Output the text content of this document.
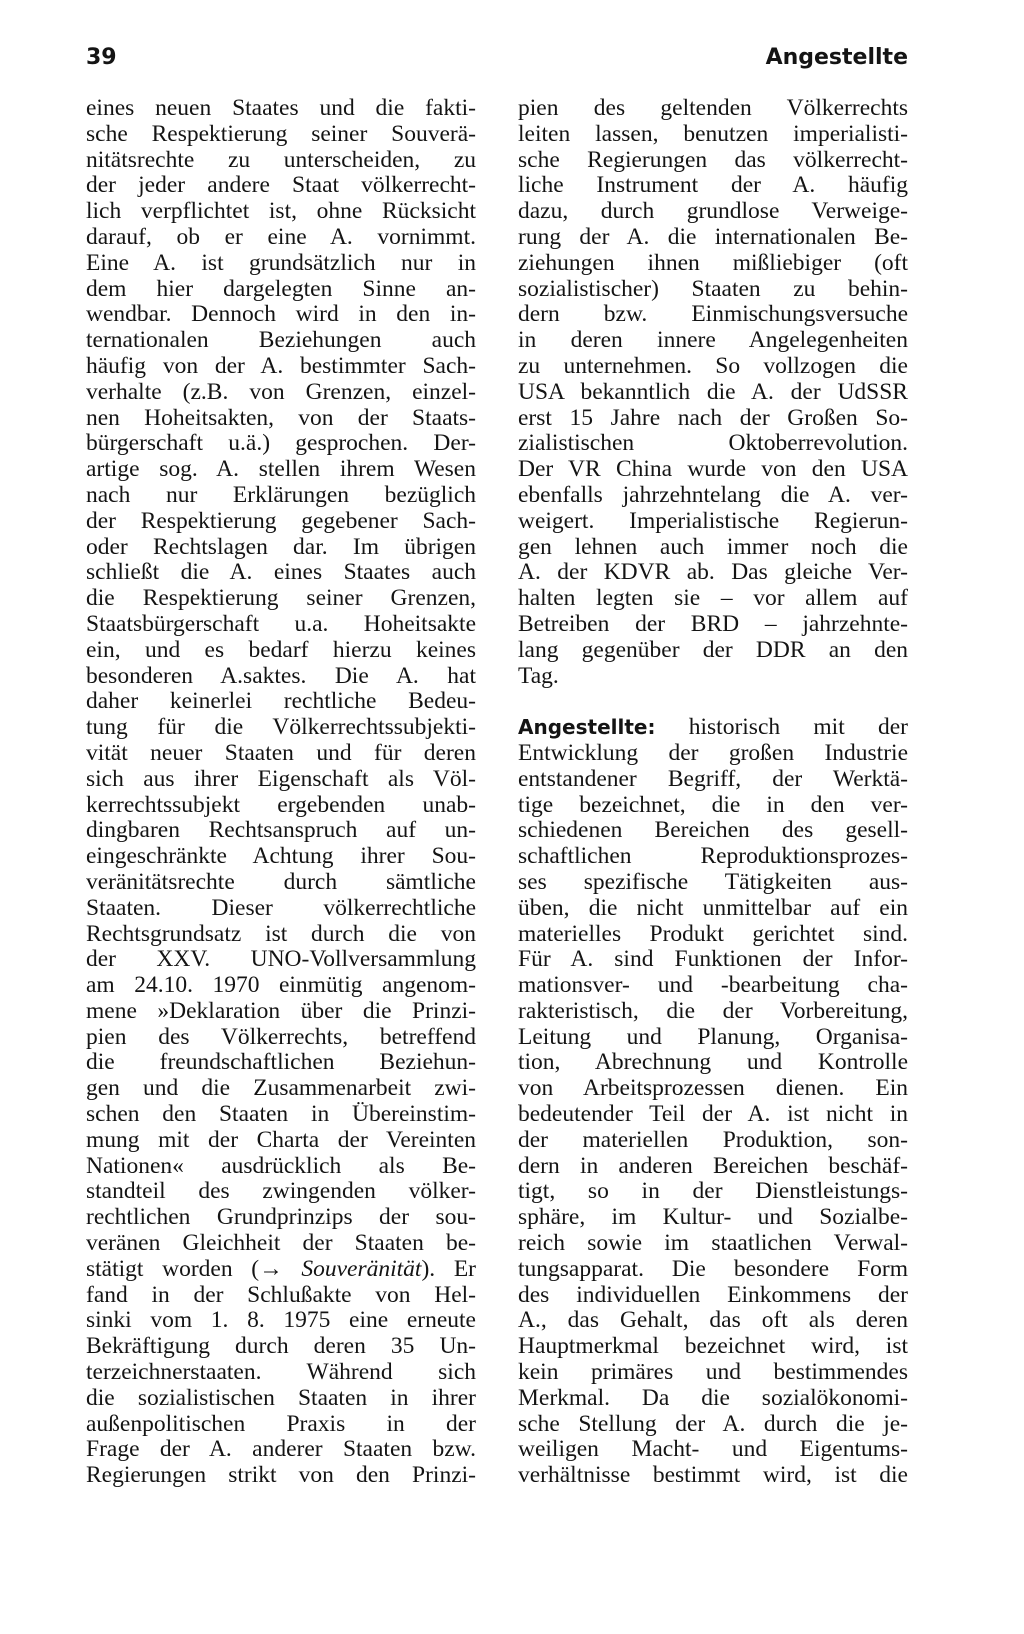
39	Angestellte
eines neuen Staates und die fakti-
sche Respektierung seiner Souverä-
nitätsrechte zu unterscheiden, zu
der jeder andere Staat völkerrecht-
lich verpflichtet ist, ohne Rücksicht
darauf, ob er eine A. vornimmt.
Eine A. ist grundsätzlich nur in
dem hier dargelegten Sinne an-
wendbar. Dennoch wird in den in-
ternationalen Beziehungen auch
häufig von der A. bestimmter Sach-
verhalte (z.B. von Grenzen, einzel-
nen Hoheitsakten, von der Staats-
bürgerschaft u.ä.) gesprochen. Der-
artige sog. A. stellen ihrem Wesen
nach nur Erklärungen bezüglich
der Respektierung gegebener Sach-
oder Rechtslagen dar. Im übrigen
schließt die A. eines Staates auch
die Respektierung seiner Grenzen,
Staatsbürgerschaft u.a. Hoheitsakte
ein, und es bedarf hierzu keines
besonderen A.saktes. Die A. hat
daher keinerlei rechtliche Bedeu-
tung für die Völkerrechtssubjekti-
vität neuer Staaten und für deren
sich aus ihrer Eigenschaft als Völ-
kerrechtssubjekt ergebenden unab-
dingbaren Rechtsanspruch auf un-
eingeschränkte Achtung ihrer Sou-
veränitätsrechte durch sämtliche
Staaten. Dieser völkerrechtliche
Rechtsgrundsatz ist durch die von
der XXV. UNO-Vollversammlung
am 24.10. 1970 einmütig angenom-
mene »Deklaration über die Prinzi-
pien des Völkerrechts, betreffend
die freundschaftlichen Beziehun-
gen und die Zusammenarbeit zwi-
schen den Staaten in Übereinstim-
mung mit der Charta der Vereinten
Nationen« ausdrücklich als Be-
standteil des zwingenden völker-
rechtlichen Grundprinzips der sou-
veränen Gleichheit der Staaten be-
stätigt worden (→ Souveränität). Er
fand in der Schlußakte von Hel-
sinki vom 1. 8. 1975 eine erneute
Bekräftigung durch deren 35 Un-
terzeichnerstaaten. Während sich
die sozialistischen Staaten in ihrer
außenpolitischen Praxis in der
Frage der A. anderer Staaten bzw.
Regierungen strikt von den Prinzi-
pien des geltenden Völkerrechts
leiten lassen, benutzen imperialisti-
sche Regierungen das völkerrecht-
liche Instrument der A. häufig
dazu, durch grundlose Verweige-
rung der A. die internationalen Be-
ziehungen ihnen mißliebiger (oft
sozialistischer) Staaten zu behin-
dern bzw. Einmischungsversuche
in deren innere Angelegenheiten
zu unternehmen. So vollzogen die
USA bekanntlich die A. der UdSSR
erst 15 Jahre nach der Großen So-
zialistischen Oktoberrevolution.
Der VR China wurde von den USA
ebenfalls jahrzehntelang die A. ver-
weigert. Imperialistische Regierun-
gen lehnen auch immer noch die
A. der KDVR ab. Das gleiche Ver-
halten legten sie – vor allem auf
Betreiben der BRD – jahrzehnte-
lang gegenüber der DDR an den
Tag.
Angestellte: historisch mit der
Entwicklung der großen Industrie
entstandener Begriff, der Werktä-
tige bezeichnet, die in den ver-
schiedenen Bereichen des gesell-
schaftlichen Reproduktionsprozes-
ses spezifische Tätigkeiten aus-
üben, die nicht unmittelbar auf ein
materielles Produkt gerichtet sind.
Für A. sind Funktionen der Infor-
mationsver- und -bearbeitung cha-
rakteristisch, die der Vorbereitung,
Leitung und Planung, Organisa-
tion, Abrechnung und Kontrolle
von Arbeitsprozessen dienen. Ein
bedeutender Teil der A. ist nicht in
der materiellen Produktion, son-
dern in anderen Bereichen beschäf-
tigt, so in der Dienstleistungs-
sphäre, im Kultur- und Sozialbe-
reich sowie im staatlichen Verwal-
tungsapparat. Die besondere Form
des individuellen Einkommens der
A., das Gehalt, das oft als deren
Hauptmerkmal bezeichnet wird, ist
kein primäres und bestimmendes
Merkmal. Da die sozialökonomi-
sche Stellung der A. durch die je-
weiligen Macht- und Eigentums-
verhältnisse bestimmt wird, ist die
